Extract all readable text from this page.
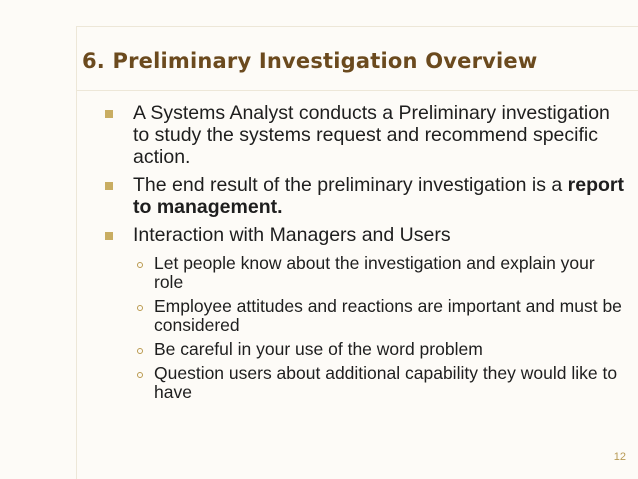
6. Preliminary Investigation Overview
A Systems Analyst conducts a Preliminary investigation to study the systems request and recommend specific action.
The end result of the preliminary investigation is a report to management.
Interaction with Managers and Users
Let people know about the investigation and explain your role
Employee attitudes and reactions are important and must be considered
Be careful in your use of the word problem
Question users about additional capability they would like to have
12
